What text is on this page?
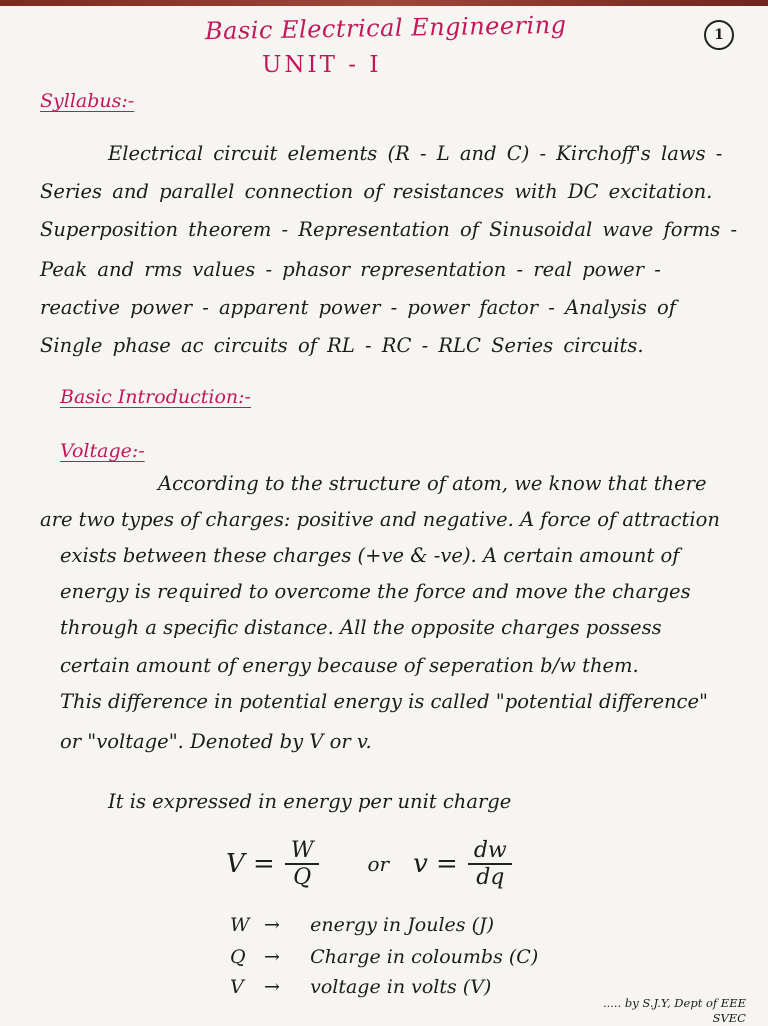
Basic Electrical Engineering
UNIT - I
1
Syllabus:-
Electrical circuit elements (R - L and C) - Kirchoff's laws -
Series and parallel connection of resistances with DC excitation.
Superposition theorem - Representation of Sinusoidal wave forms -
Peak and rms values - phasor representation - real power -
reactive power - apparent power - power factor - Analysis of
Single phase ac circuits of RL - RC - RLC Series circuits.
Basic Introduction:-
Voltage:-
According to the structure of atom, we know that there
are two types of charges: positive and negative. A force of attraction
exists between these charges (+ve & -ve). A certain amount of
energy is required to overcome the force and move the charges
through a specific distance. All the opposite charges possess
certain amount of energy because of seperation b/w them.
This difference in potential energy is called "potential difference"
or "voltage". Denoted by V or v.
It is expressed in energy per unit charge
$V = \frac{W}{Q}$ or $v = \frac{dw}{dq}$
W → energy in Joules (J)
Q → Charge in coloumbs (C)
V → voltage in volts (V)
..... by S.J.Y, Dept of EEE
SVEC
